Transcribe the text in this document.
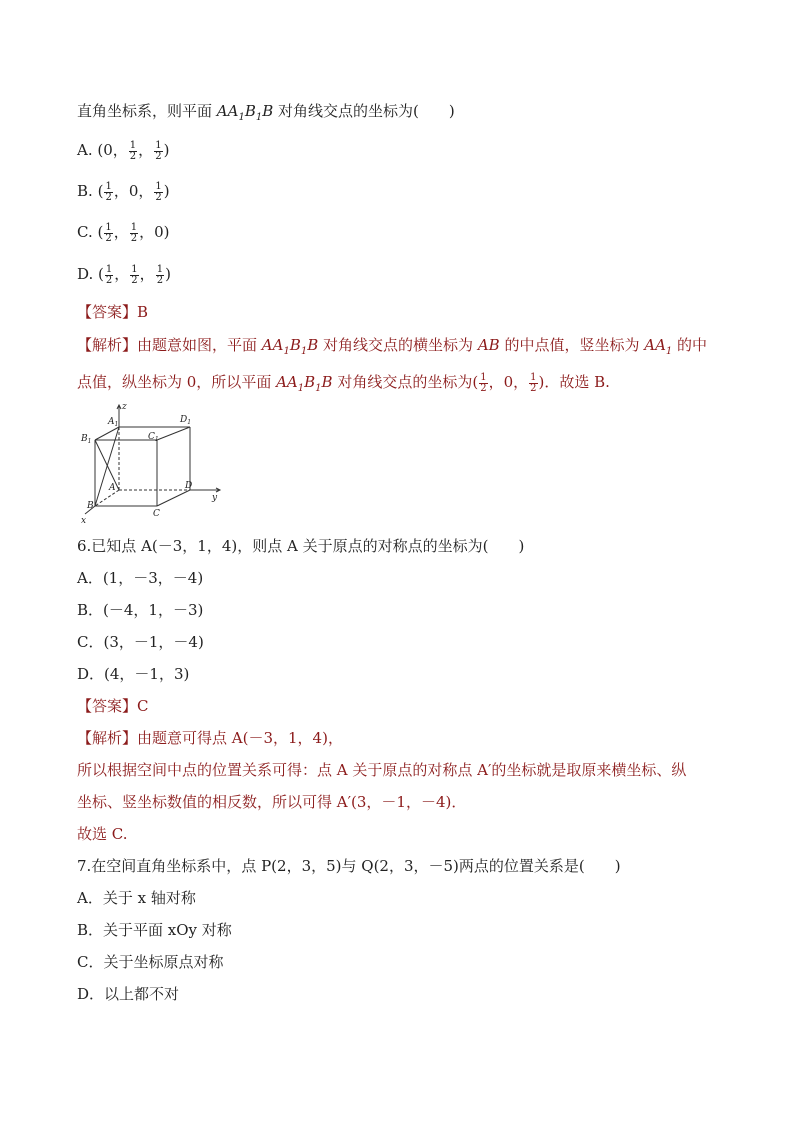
直角坐标系，则平面 $AA_1B_1B$ 对角线交点的坐标为(　　)
A. (0， $\frac{1}{2}$ ， $\frac{1}{2}$ )
B. ( $\frac{1}{2}$ ，0， $\frac{1}{2}$ )
C. ( $\frac{1}{2}$ ， $\frac{1}{2}$ ，0)
D. ( $\frac{1}{2}$ ， $\frac{1}{2}$ ， $\frac{1}{2}$ )
【答案】B
【解析】由题意如图，平面 $AA_1B_1B$ 对角线交点的横坐标为 AB 的中点值，竖坐标为 $AA_1$ 的中
点值，纵坐标为 0，所以平面 $AA_1B_1B$ 对角线交点的坐标为( $\frac{1}{2}$ ，0， $\frac{1}{2}$ )．故选 B.
z
$A_1$	$D_1$
$B_1$	$C_1$
A	D
y
B
C
x
6.已知点 A(－3，1，4)，则点 A 关于原点的对称点的坐标为(　　)
A．(1，－3，－4)
B．(－4，1，－3)
C．(3，－1，－4)
D．(4，－1，3)
【答案】C
【解析】由题意可得点 A(－3，1，4)，
所以根据空间中点的位置关系可得：点 A 关于原点的对称点 A′的坐标就是取原来横坐标、纵
坐标、竖坐标数值的相反数，所以可得 A′(3，－1，－4)．
故选 C.
7.在空间直角坐标系中，点 P(2，3，5)与 Q(2，3，－5)两点的位置关系是(　　)
A．关于 x 轴对称
B．关于平面 xOy 对称
C．关于坐标原点对称
D．以上都不对
